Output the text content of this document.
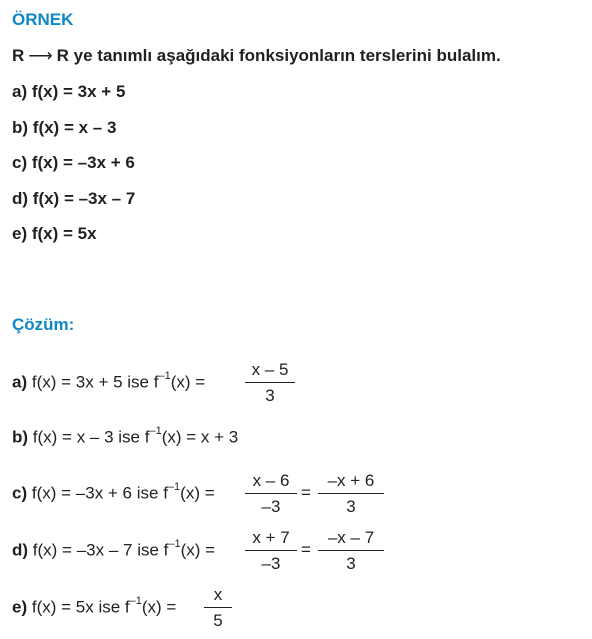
ÖRNEK
R ⟶ R ye tanımlı aşağıdaki fonksiyonların terslerini bulalım.
a) f(x) = 3x + 5
b) f(x) = x – 3
c) f(x) = –3x + 6
d) f(x) = –3x – 7
e) f(x) = 5x
Çözüm:
a) f(x) = 3x + 5 ise $f^{-1}(x) = \frac{x - 5}{3}$
b) f(x) = x – 3 ise $f^{-1}(x) = x + 3$
c) f(x) = –3x + 6 ise $f^{-1}(x) = \frac{x - 6}{-3} = \frac{-x + 6}{3}$
d) f(x) = –3x – 7 ise $f^{-1}(x) = \frac{x + 7}{-3} = \frac{-x - 7}{3}$
e) f(x) = 5x ise $f^{-1}(x) = \frac{x}{5}$
